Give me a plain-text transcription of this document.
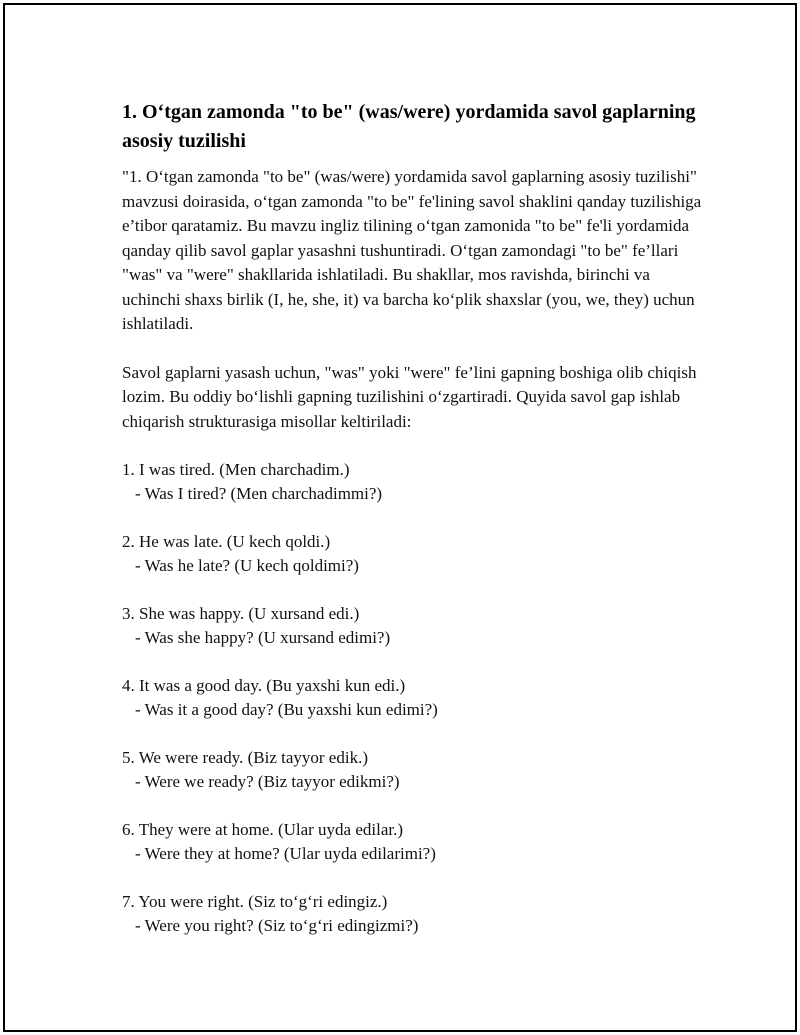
1. O‘tgan zamonda "to be" (was/were) yordamida savol gaplarning asosiy tuzilishi

"1. O‘tgan zamonda "to be" (was/were) yordamida savol gaplarning asosiy tuzilishi" mavzusi doirasida, o‘tgan zamonda "to be" fe'lining savol shaklini qanday tuzilishiga e’tibor qaratamiz. Bu mavzu ingliz tilining o‘tgan zamonida "to be" fe'li yordamida qanday qilib savol gaplar yasashni tushuntiradi. O‘tgan zamondagi "to be" fe’llari "was" va "were" shakllarida ishlatiladi. Bu shakllar, mos ravishda, birinchi va uchinchi shaxs birlik (I, he, she, it) va barcha ko‘plik shaxslar (you, we, they) uchun ishlatiladi.

Savol gaplarni yasash uchun, "was" yoki "were" fe’lini gapning boshiga olib chiqish lozim. Bu oddiy bo‘lishli gapning tuzilishini o‘zgartiradi. Quyida savol gap ishlab chiqarish strukturasiga misollar keltiriladi:

1. I was tired. (Men charchadim.)
- Was I tired? (Men charchadimmi?)
2. He was late. (U kech qoldi.)
- Was he late? (U kech qoldimi?)
3. She was happy. (U xursand edi.)
- Was she happy? (U xursand edimi?)
4. It was a good day. (Bu yaxshi kun edi.)
- Was it a good day? (Bu yaxshi kun edimi?)
5. We were ready. (Biz tayyor edik.)
- Were we ready? (Biz tayyor edikmi?)
6. They were at home. (Ular uyda edilar.)
- Were they at home? (Ular uyda edilarimi?)
7. You were right. (Siz to‘g‘ri edingiz.)
- Were you right? (Siz to‘g‘ri edingizmi?)
